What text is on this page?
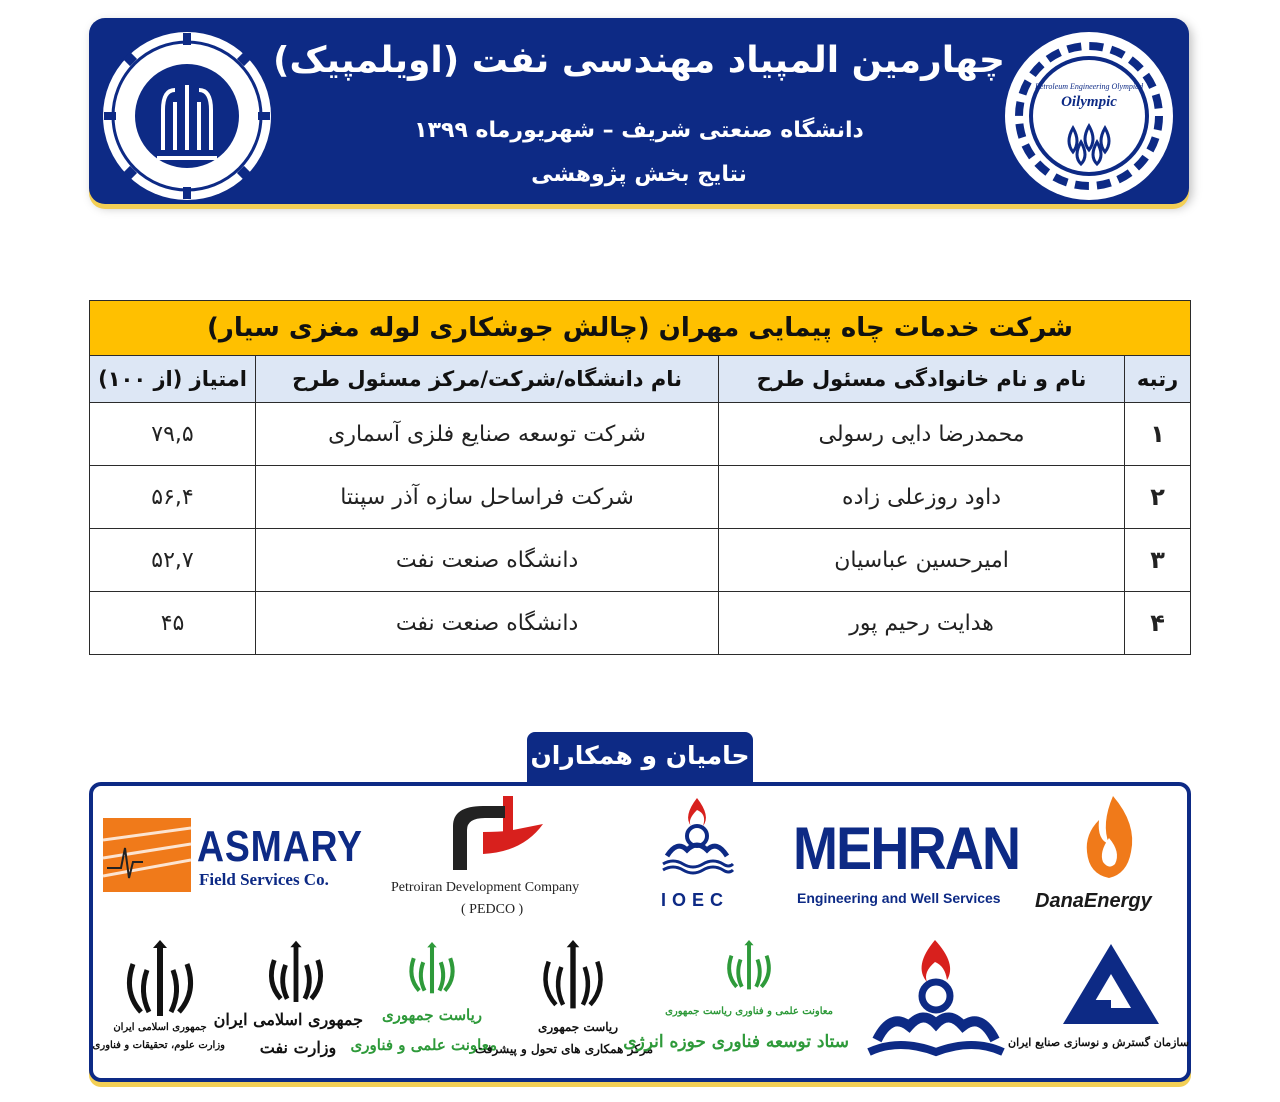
چهارمین المپیاد مهندسی نفت (اویلمپیک)
دانشگاه صنعتی شریف – شهریورماه ۱۳۹۹
نتایج بخش پژوهشی
Petroleum Engineering Olympiad
Oilympic
شرکت خدمات چاه پیمایی مهران (چالش جوشکاری لوله مغزی سیار)			
رتبه	نام و نام خانوادگی مسئول طرح	نام دانشگاه/شرکت/مرکز مسئول طرح	امتیاز (از ۱۰۰)
۱	محمدرضا دایی رسولی	شرکت توسعه صنایع فلزی آسماری	۷۹,۵
۲	داود روزعلی زاده	شرکت فراساحل سازه آذر سپنتا	۵۶,۴
۳	امیرحسین عباسیان	دانشگاه صنعت نفت	۵۲,۷
۴	هدایت رحیم پور	دانشگاه صنعت نفت	۴۵
حامیان و همکاران
ASMARY
Field Services Co.	Petroiran Development Company
( PEDCO )	IOEC
MEHRAN
Engineering and Well Services DanaEnergy
جمهوری اسلامی ایران
وزارت علوم، تحقیقات و فناوری
جمهوری اسلامی ایران
وزارت نفت
ریاست جمهوری
معاونت علمی و فناوری
ریاست جمهوری
مرکز همکاری های تحول و پیشرفت
معاونت علمی و فناوری ریاست جمهوری
ستاد توسعه فناوری حوزه انرژی	سازمان گسترش و نوسازی صنایع ایران
